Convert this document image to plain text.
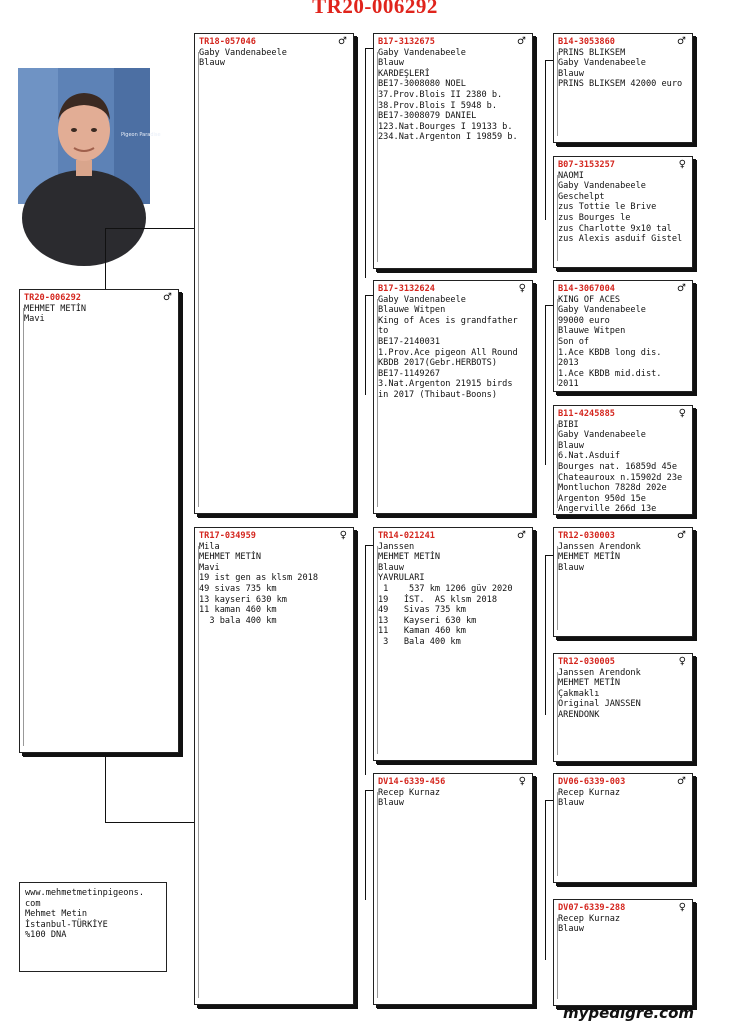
TR20-006292
Pigeon Paradise
TR20-006292	♂
MEHMET METİN
Mavi
TR18-057046	♂
Gaby Vandenabeele
Blauw
TR17-034959	♀
Mila
MEHMET METİN
Mavi
19 ist gen as klsm 2018
49 sivas 735 km
13 kayseri 630 km
11 kaman 460 km
3 bala 400 km
B17-3132675	♂
Gaby Vandenabeele
Blauw
KARDEŞLERİ
BE17-3008080 NOEL
37.Prov.Blois II 2380 b.
38.Prov.Blois I 5948 b.
BE17-3008079 DANIEL
123.Nat.Bourges I 19133 b.
234.Nat.Argenton I 19859 b.
B17-3132624	♀
Gaby Vandenabeele
Blauwe Witpen
King of Aces is grandfather
to
BE17-2140031
1.Prov.Ace pigeon All Round
KBDB 2017(Gebr.HERBOTS)
BE17-1149267
3.Nat.Argenton 21915 birds
in 2017 (Thibaut-Boons)
TR14-021241	♂
Janssen
MEHMET METİN
Blauw
YAVRULARI
1    537 km 1206 güv 2020
19   İST.  AS klsm 2018
49   Sivas 735 km
13   Kayseri 630 km
11   Kaman 460 km
3   Bala 400 km
DV14-6339-456	♀
Recep Kurnaz
Blauw
B14-3053860	♂
PRINS BLIKSEM
Gaby Vandenabeele
Blauw
PRINS BLIKSEM 42000 euro
B07-3153257	♀
NAOMI
Gaby Vandenabeele
Geschelpt
zus Tottie le Brive
zus Bourges le
zus Charlotte 9x10 tal
zus Alexis asduif Gistel
B14-3067004	♂
KING OF ACES
Gaby Vandenabeele
99000 euro
Blauwe Witpen
Son of
1.Ace KBDB long dis.
2013
1.Ace KBDB mid.dist.
2011
B11-4245885	♀
BIBI
Gaby Vandenabeele
Blauw
6.Nat.Asduif
Bourges nat. 16859d 45e
Chateauroux n.15902d 23e
Montluchon 7828d 202e
Argenton 950d 15e
Angerville 266d 13e
TR12-030003	♂
Janssen Arendonk
MEHMET METİN
Blauw
TR12-030005	♀
Janssen Arendonk
MEHMET METİN
Çakmaklı
Original JANSSEN
ARENDONK
DV06-6339-003	♂
Recep Kurnaz
Blauw
DV07-6339-288	♀
Recep Kurnaz
Blauw
www.mehmetmetinpigeons.
com
Mehmet Metin
İstanbul-TÜRKİYE
%100 DNA
mypedigre.com
